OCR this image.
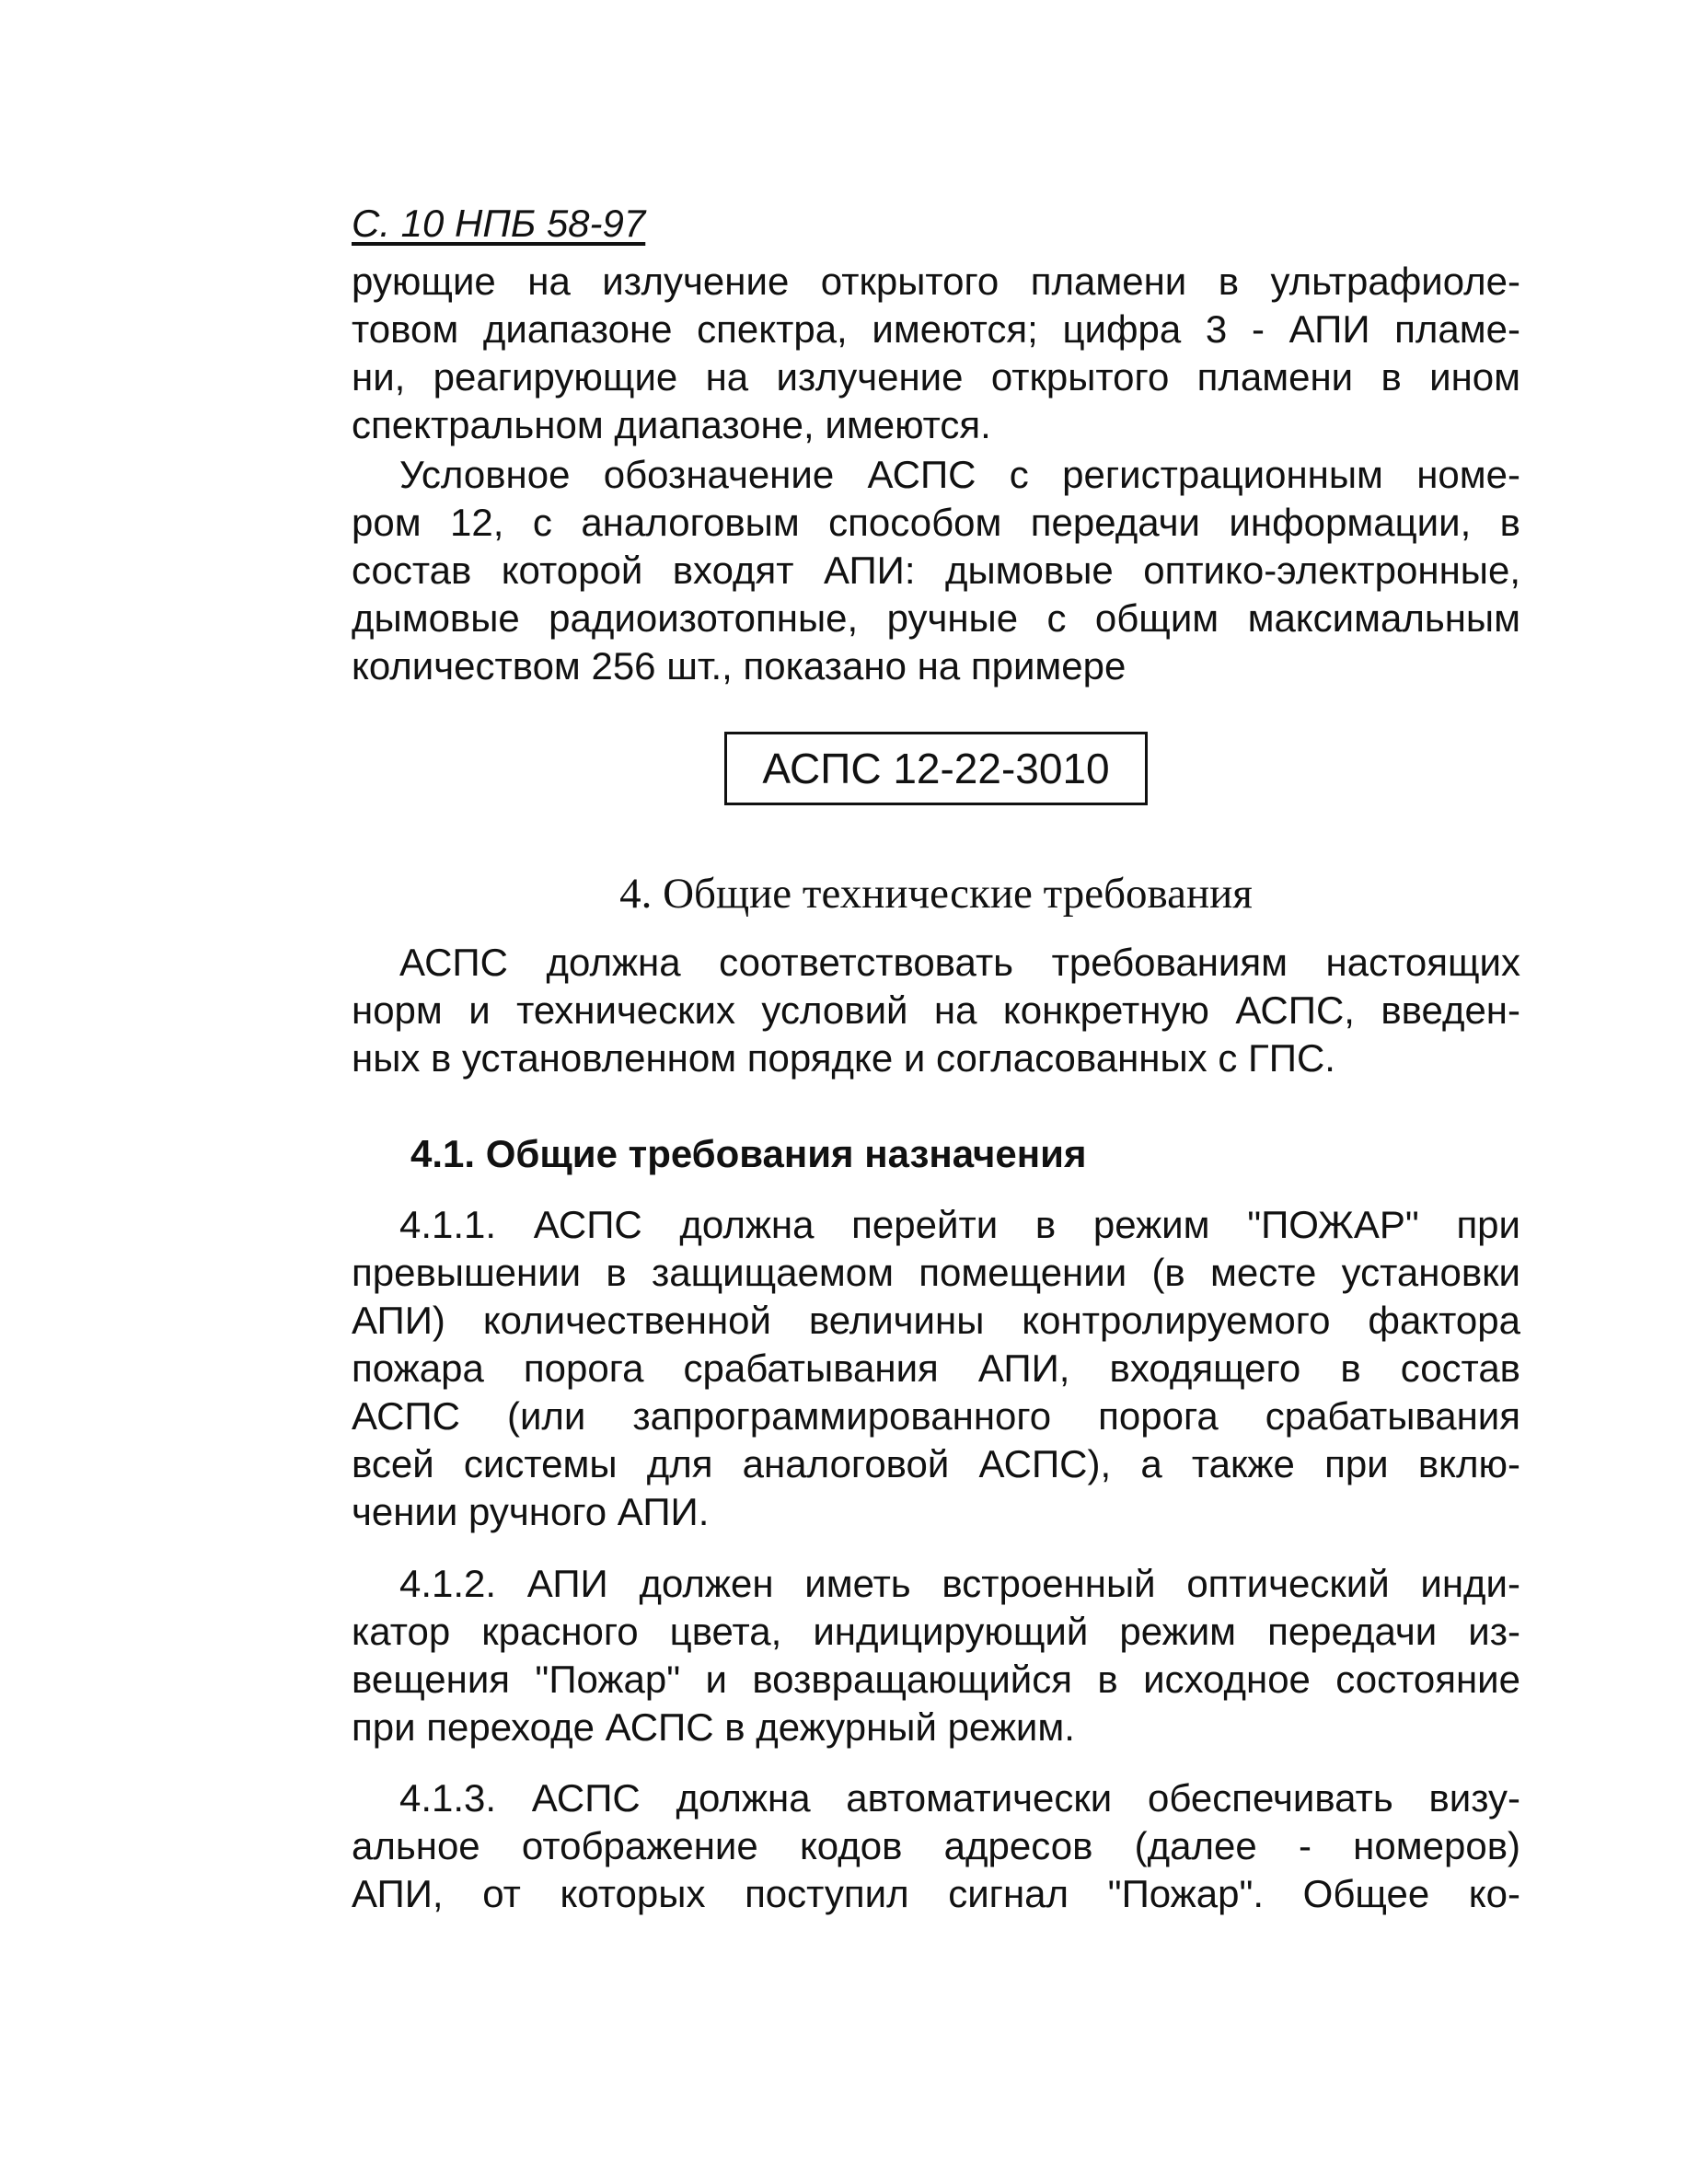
С. 10 НПБ 58-97
рующие на излучение открытого пламени в ультрафиоле-
товом диапазоне спектра, имеются; цифра 3 - АПИ пламе-
ни, реагирующие на излучение открытого пламени в ином
спектральном диапазоне, имеются.
Условное обозначение АСПС с регистрационным номе-
ром 12, с аналоговым способом передачи информации, в
состав которой входят АПИ: дымовые оптико-электронные,
дымовые радиоизотопные, ручные с общим максимальным
количеством 256 шт., показано на примере
АСПС 12-22-3010
4. Общие технические требования
АСПС должна соответствовать требованиям настоящих
норм и технических условий на конкретную АСПС, введен-
ных в установленном порядке и согласованных с ГПС.
4.1. Общие требования назначения
4.1.1. АСПС должна перейти в режим "ПОЖАР" при
превышении в защищаемом помещении (в месте установки
АПИ) количественной величины контролируемого фактора
пожара порога срабатывания АПИ, входящего в состав
АСПС (или запрограммированного порога срабатывания
всей системы для аналоговой АСПС), а также при вклю-
чении ручного АПИ.
4.1.2. АПИ должен иметь встроенный оптический инди-
катор красного цвета, индицирующий режим передачи из-
вещения "Пожар" и возвращающийся в исходное состояние
при переходе АСПС в дежурный режим.
4.1.3. АСПС должна автоматически обеспечивать визу-
альное отображение кодов адресов (далее - номеров)
АПИ, от которых поступил сигнал "Пожар". Общее ко-
